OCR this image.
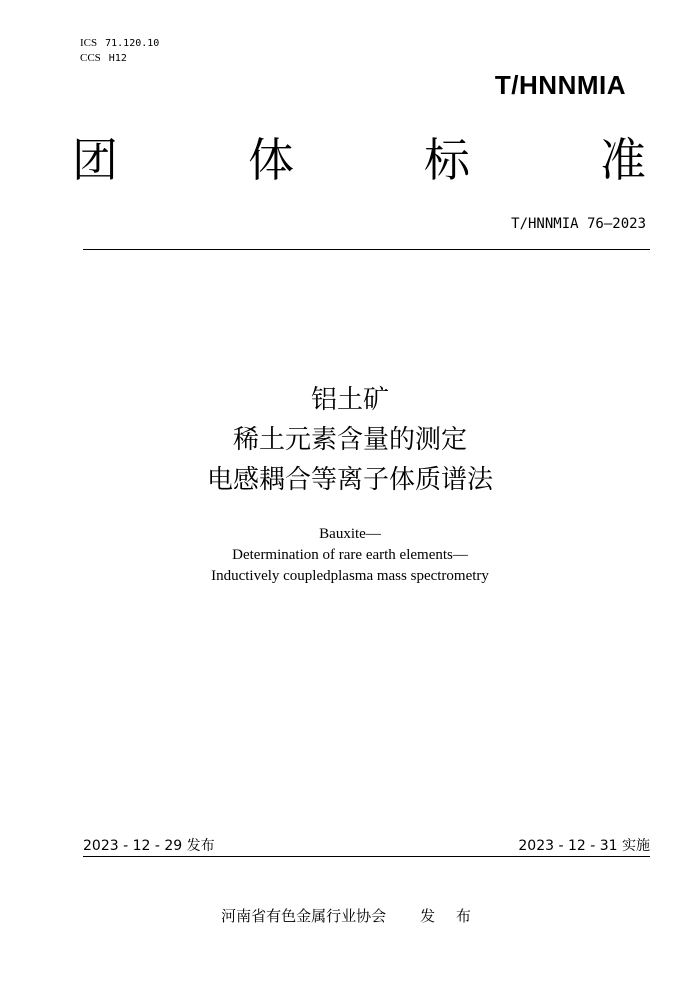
ICS 71.120.10
CCS H12
T/HNNMIA
团	体	标	准
T/HNNMIA 76—2023
铝土矿
稀土元素含量的测定
电感耦合等离子体质谱法
Bauxite—
Determination of rare earth elements—
Inductively coupledplasma mass spectrometry
2023 - 12 - 29 发布	2023 - 12 - 31 实施
河南省有色金属行业协会 发 布
